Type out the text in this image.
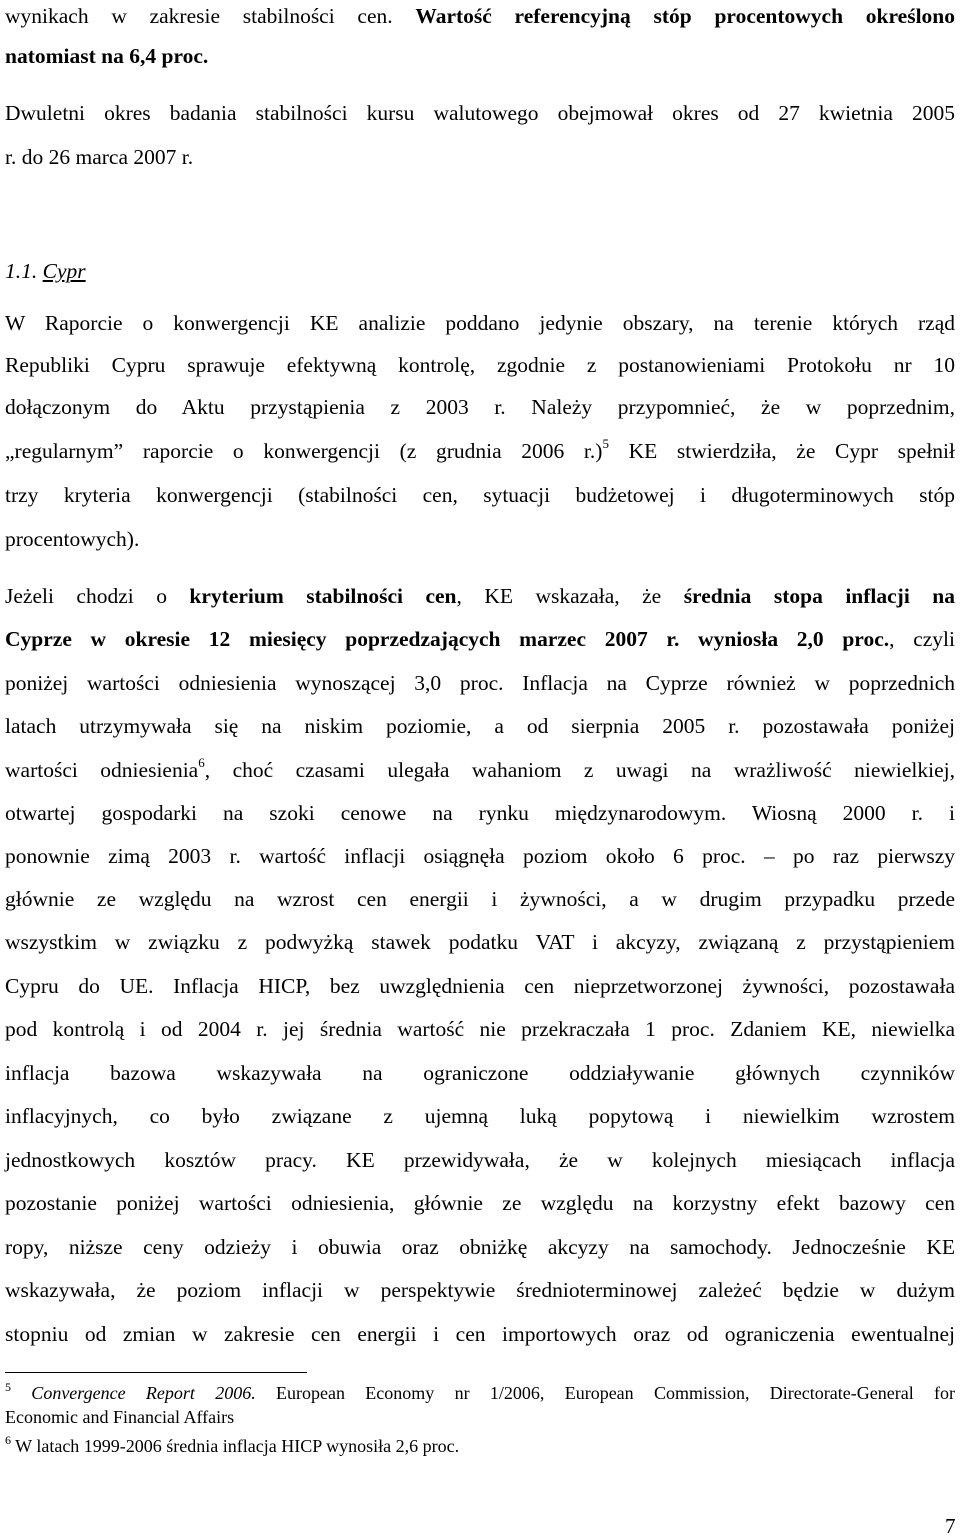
wynikach w zakresie stabilności cen. Wartość referencyjną stóp procentowych określono
natomiast na 6,4 proc.
Dwuletni okres badania stabilności kursu walutowego obejmował okres od 27 kwietnia 2005
r. do 26 marca 2007 r.
1.1. Cypr
W Raporcie o konwergencji KE analizie poddano jedynie obszary, na terenie których rząd
Republiki Cypru sprawuje efektywną kontrolę, zgodnie z postanowieniami Protokołu nr 10
dołączonym do Aktu przystąpienia z 2003 r. Należy przypomnieć, że w poprzednim,
„regularnym” raporcie o konwergencji (z grudnia 2006 r.)$^5$ KE stwierdziła, że Cypr spełnił
trzy kryteria konwergencji (stabilności cen, sytuacji budżetowej i długoterminowych stóp
procentowych).
Jeżeli chodzi o kryterium stabilności cen, KE wskazała, że średnia stopa inflacji na
Cyprze w okresie 12 miesięcy poprzedzających marzec 2007 r. wyniosła 2,0 proc., czyli
poniżej wartości odniesienia wynoszącej 3,0 proc. Inflacja na Cyprze również w poprzednich
latach utrzymywała się na niskim poziomie, a od sierpnia 2005 r. pozostawała poniżej
wartości odniesienia$^6$, choć czasami ulegała wahaniom z uwagi na wrażliwość niewielkiej,
otwartej gospodarki na szoki cenowe na rynku międzynarodowym. Wiosną 2000 r. i
ponownie zimą 2003 r. wartość inflacji osiągnęła poziom około 6 proc. – po raz pierwszy
głównie ze względu na wzrost cen energii i żywności, a w drugim przypadku przede
wszystkim w związku z podwyżką stawek podatku VAT i akcyzy, związaną z przystąpieniem
Cypru do UE. Inflacja HICP, bez uwzględnienia cen nieprzetworzonej żywności, pozostawała
pod kontrolą i od 2004 r. jej średnia wartość nie przekraczała 1 proc. Zdaniem KE, niewielka
inflacja bazowa wskazywała na ograniczone oddziaływanie głównych czynników
inflacyjnych, co było związane z ujemną luką popytową i niewielkim wzrostem
jednostkowych kosztów pracy. KE przewidywała, że w kolejnych miesiącach inflacja
pozostanie poniżej wartości odniesienia, głównie ze względu na korzystny efekt bazowy cen
ropy, niższe ceny odzieży i obuwia oraz obniżkę akcyzy na samochody. Jednocześnie KE
wskazywała, że poziom inflacji w perspektywie średnioterminowej zależeć będzie w dużym
stopniu od zmian w zakresie cen energii i cen importowych oraz od ograniczenia ewentualnej
$^5$ Convergence Report 2006. European Economy nr 1/2006, European Commission, Directorate-General for
Economic and Financial Affairs
$^6$ W latach 1999-2006 średnia inflacja HICP wynosiła 2,6 proc.
7
